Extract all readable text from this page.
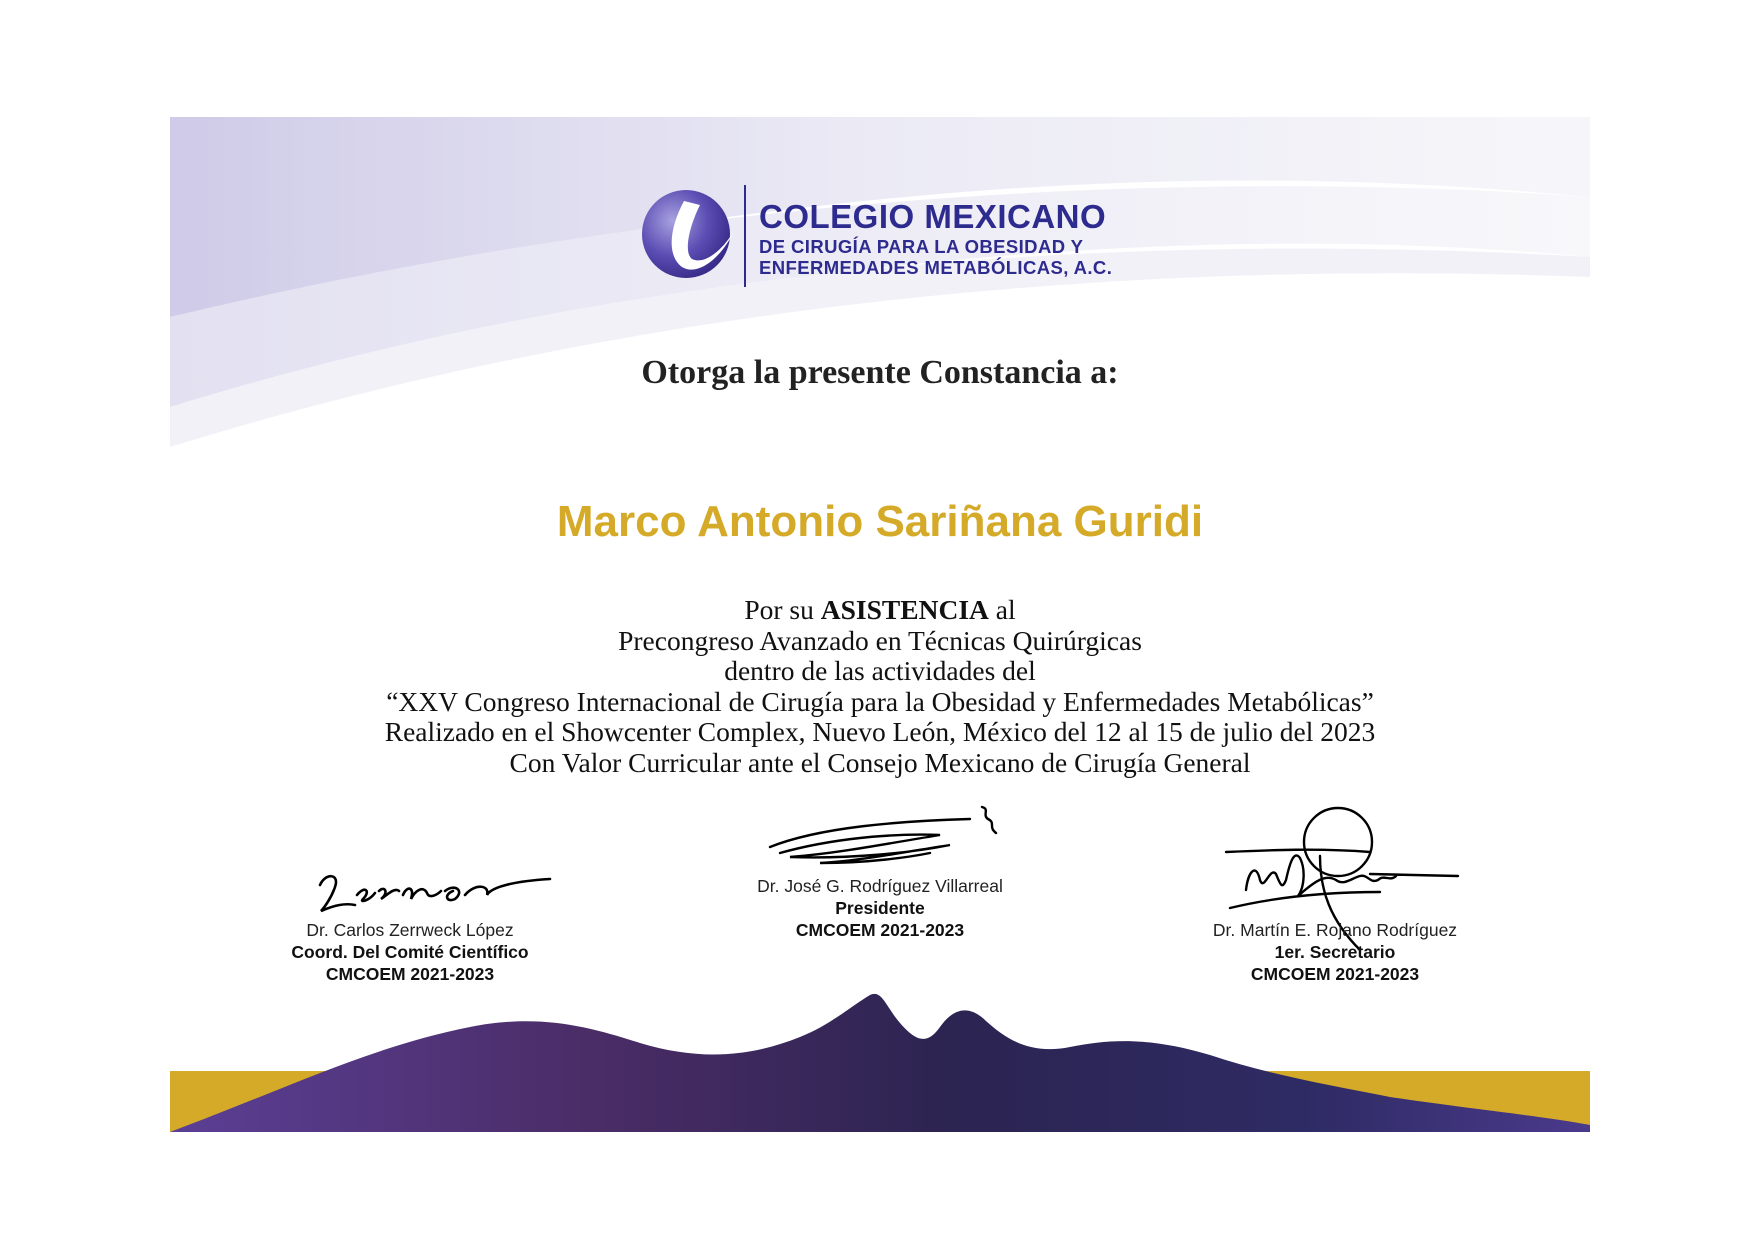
COLEGIO MEXICANO
DE CIRUGÍA PARA LA OBESIDAD Y
ENFERMEDADES METABÓLICAS, A.C.
Otorga la presente Constancia a:
Marco Antonio Sariñana Guridi
Por su ASISTENCIA al
Precongreso Avanzado en Técnicas Quirúrgicas
dentro de las actividades del
“XXV Congreso Internacional de Cirugía para la Obesidad y Enfermedades Metabólicas”
Realizado en el Showcenter Complex, Nuevo León, México del 12 al 15 de julio del 2023
Con Valor Curricular ante el Consejo Mexicano de Cirugía General
Dr. Carlos Zerrweck López
Coord. Del Comité Científico
CMCOEM 2021-2023
Dr. José G. Rodríguez Villarreal
Presidente
CMCOEM 2021-2023	Dr. Martín E. Rojano Rodríguez
1er. Secretario
CMCOEM 2021-2023
